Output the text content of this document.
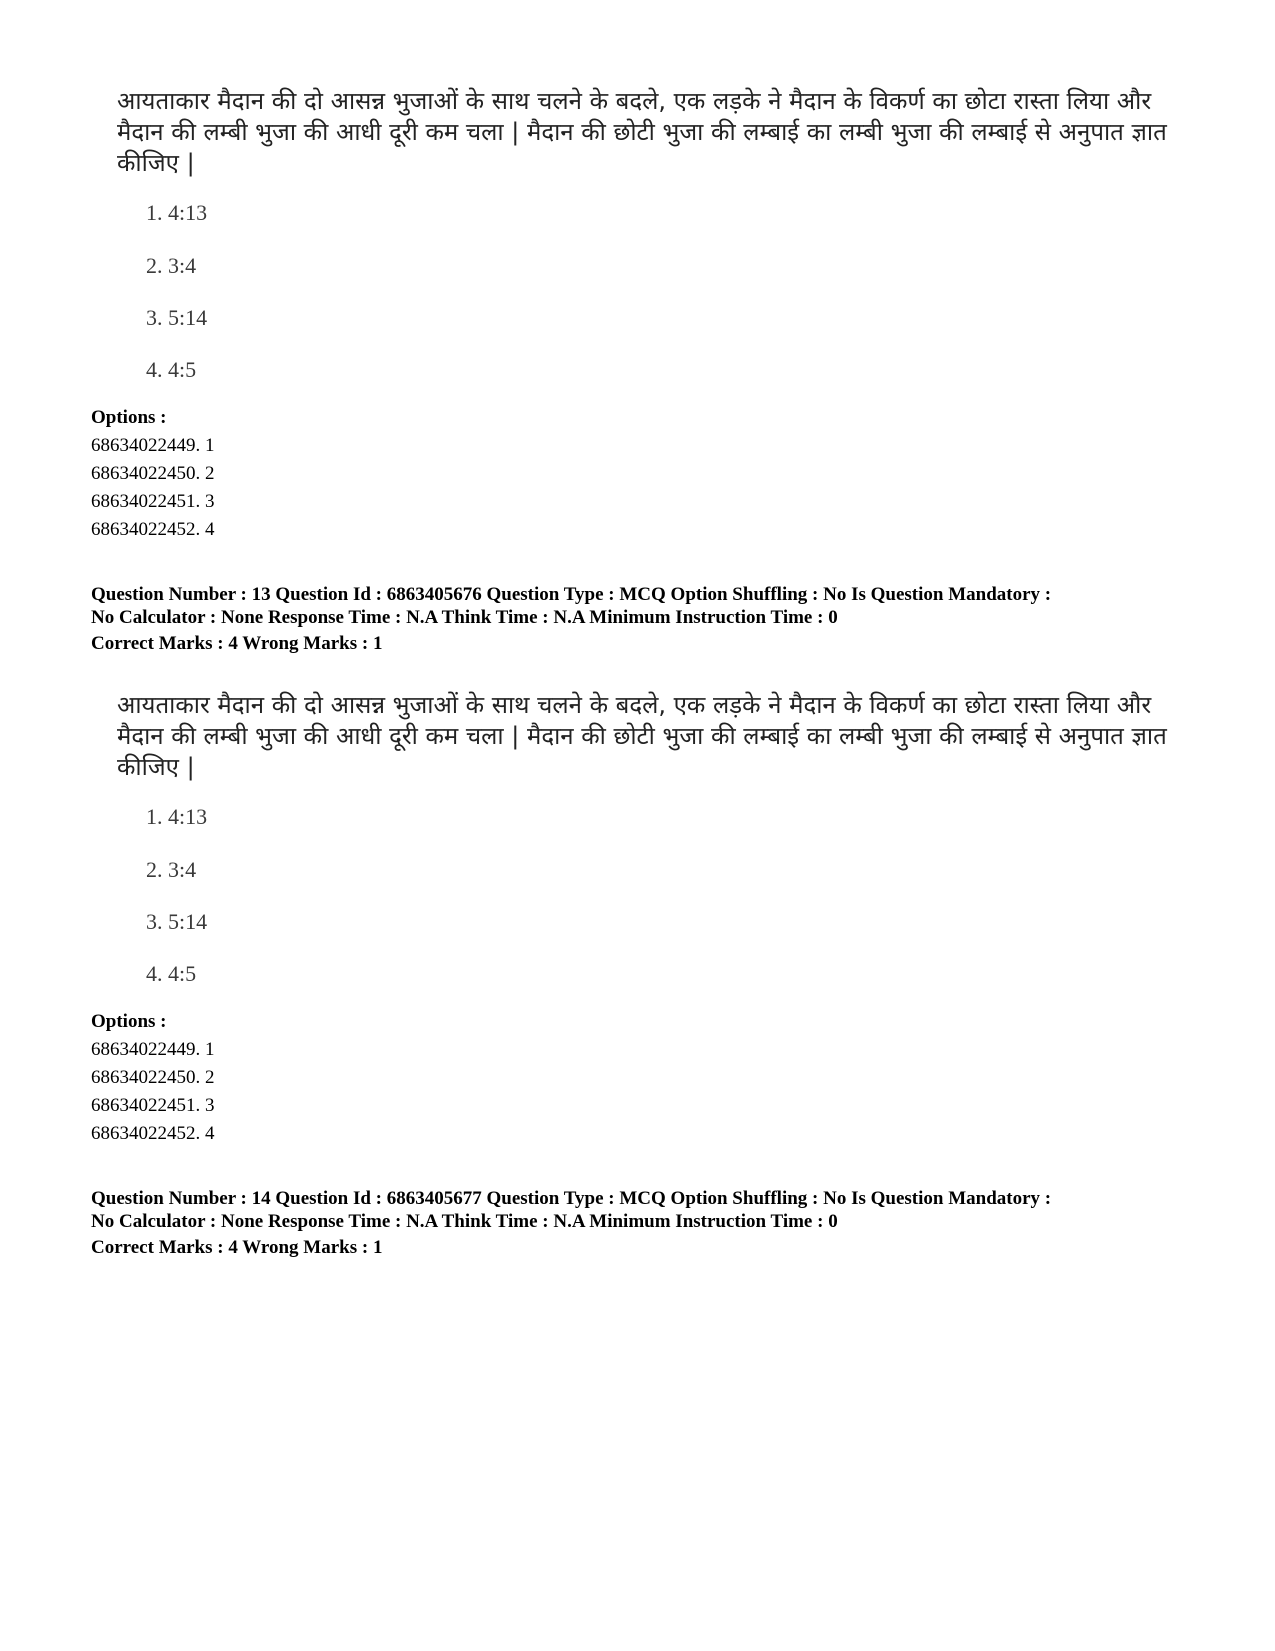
आयताकार मैदान की दो आसन्न भुजाओं के साथ चलने के बदले, एक लड़के ने मैदान के विकर्ण का छोटा रास्ता लिया और मैदान की लम्बी भुजा की आधी दूरी कम चला | मैदान की छोटी भुजा की लम्बाई का लम्बी भुजा की लम्बाई से अनुपात ज्ञात कीजिए |

1. 4:13
2. 3:4
3. 5:14
4. 4:5
Options :
68634022449. 1
68634022450. 2
68634022451. 3
68634022452. 4
Question Number : 13 Question Id : 6863405676 Question Type : MCQ Option Shuffling : No Is Question Mandatory :
No Calculator : None Response Time : N.A Think Time : N.A Minimum Instruction Time : 0
Correct Marks : 4 Wrong Marks : 1

आयताकार मैदान की दो आसन्न भुजाओं के साथ चलने के बदले, एक लड़के ने मैदान के विकर्ण का छोटा रास्ता लिया और मैदान की लम्बी भुजा की आधी दूरी कम चला | मैदान की छोटी भुजा की लम्बाई का लम्बी भुजा की लम्बाई से अनुपात ज्ञात कीजिए |

1. 4:13
2. 3:4
3. 5:14
4. 4:5
Options :
68634022449. 1
68634022450. 2
68634022451. 3
68634022452. 4
Question Number : 14 Question Id : 6863405677 Question Type : MCQ Option Shuffling : No Is Question Mandatory :
No Calculator : None Response Time : N.A Think Time : N.A Minimum Instruction Time : 0
Correct Marks : 4 Wrong Marks : 1
